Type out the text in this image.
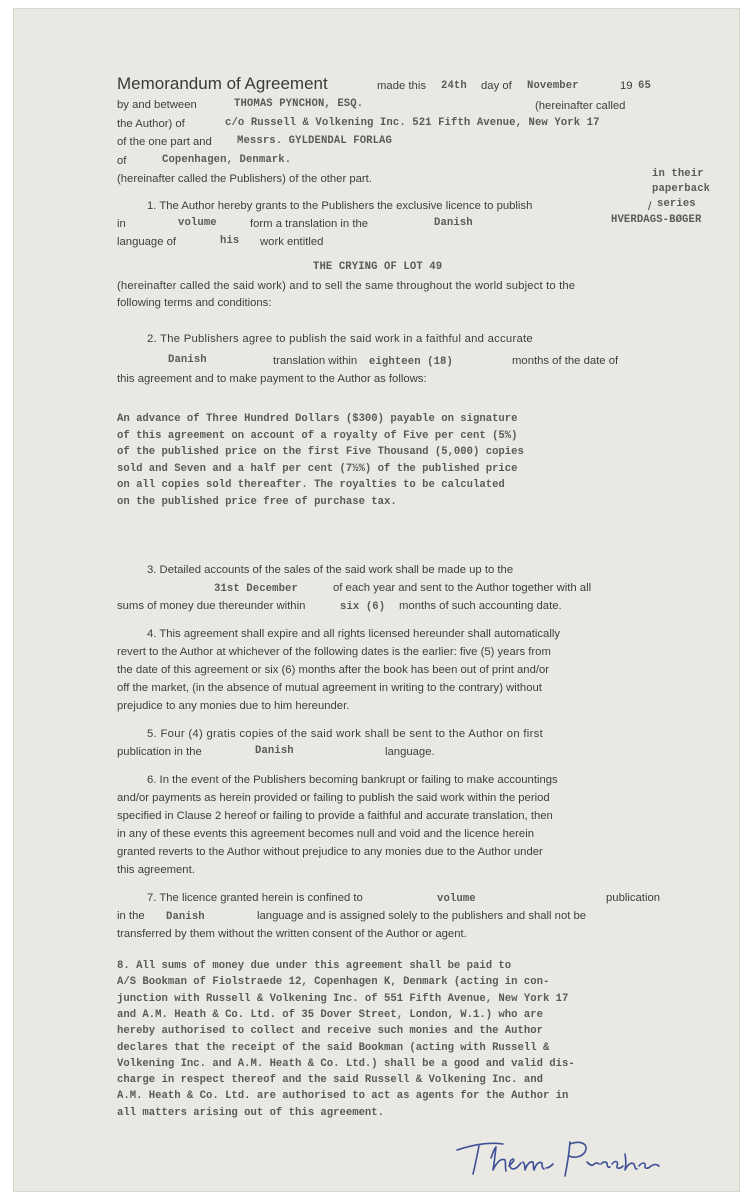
Memorandum of Agreement	made this 24th day of November	19 65
by and between	THOMAS PYNCHON, ESQ.	(hereinafter called
the Author) of	c/o Russell & Volkening Inc. 521 Fifth Avenue, New York 17
of the one part and Messrs. GYLDENDAL FORLAG
of	Copenhagen, Denmark.
(hereinafter called the Publishers) of the other part.	in their
paperback
series
HVERDAGS-BØGER
1. The Author hereby grants to the Publishers the exclusive licence to publish	/
in	volume	form a translation in the	Danish
language of	his work entitled
THE CRYING OF LOT 49
(hereinafter called the said work) and to sell the same throughout the world subject to the
following terms and conditions:
2. The Publishers agree to publish the said work in a faithful and accurate
Danish	translation within eighteen (18)	months of the date of
this agreement and to make payment to the Author as follows:
An advance of Three Hundred Dollars ($300) payable on signature
of this agreement on account of a royalty of Five per cent (5%)
of the published price on the first Five Thousand (5,000) copies
sold and Seven and a half per cent (7½%) of the published price
on all copies sold thereafter. The royalties to be calculated
on the published price free of purchase tax.
3. Detailed accounts of the sales of the said work shall be made up to the
31st December	of each year and sent to the Author together with all
sums of money due thereunder within	six (6) months of such accounting date.
4. This agreement shall expire and all rights licensed hereunder shall automatically
revert to the Author at whichever of the following dates is the earlier: five (5) years from
the date of this agreement or six (6) months after the book has been out of print and/or
off the market, (in the absence of mutual agreement in writing to the contrary) without
prejudice to any monies due to him hereunder.
5. Four (4) gratis copies of the said work shall be sent to the Author on first
publication in the	Danish	language.
6. In the event of the Publishers becoming bankrupt or failing to make accountings
and/or payments as herein provided or failing to publish the said work within the period
specified in Clause 2 hereof or failing to provide a faithful and accurate translation, then
in any of these events this agreement becomes null and void and the licence herein
granted reverts to the Author without prejudice to any monies due to the Author under
this agreement.
7. The licence granted herein is confined to	volume	publication
in the Danish	language and is assigned solely to the publishers and shall not be
transferred by them without the written consent of the Author or agent.
8. All sums of money due under this agreement shall be paid to
A/S Bookman of Fiolstraede 12, Copenhagen K, Denmark (acting in con-
junction with Russell & Volkening Inc. of 551 Fifth Avenue, New York 17
and A.M. Heath & Co. Ltd. of 35 Dover Street, London, W.1.) who are
hereby authorised to collect and receive such monies and the Author
declares that the receipt of the said Bookman (acting with Russell &
Volkening Inc. and A.M. Heath & Co. Ltd.) shall be a good and valid dis-
charge in respect thereof and the said Russell & Volkening Inc. and
A.M. Heath & Co. Ltd. are authorised to act as agents for the Author in
all matters arising out of this agreement.
